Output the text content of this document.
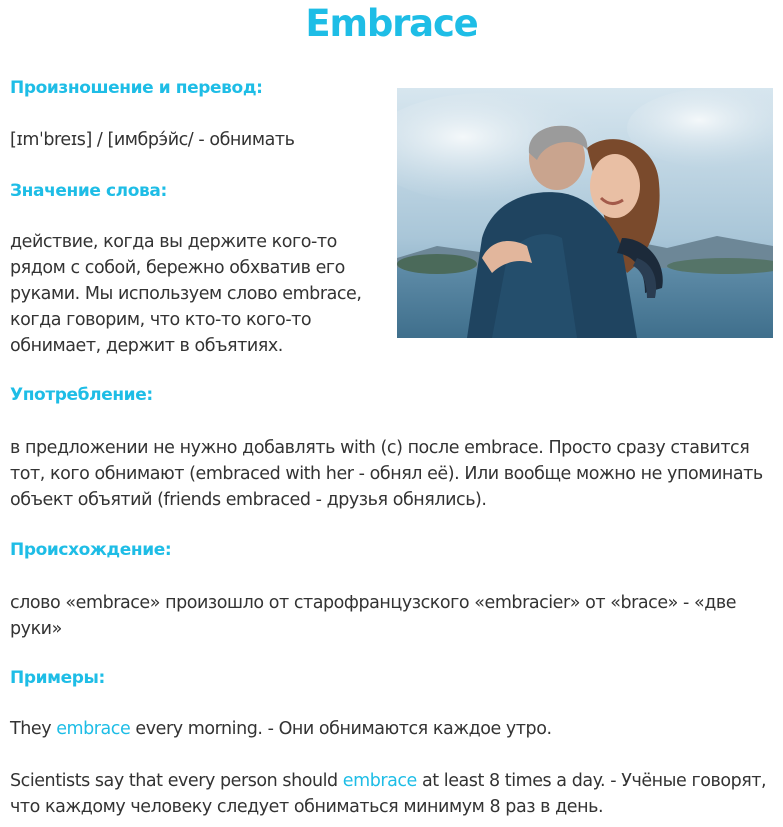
Embrace
Произношение и перевод:
[ɪmˈbreɪs] / [имбрэ́йс/ - обнимать
Значение слова:
действие, когда вы держите кого-то
рядом с собой, бережно обхватив его
руками. Мы используем слово embrace,
когда говорим, что кто-то кого-то
обнимает, держит в объятиях.
Употребление:
в предложении не нужно добавлять with (с) после embrace. Просто сразу ставится тот, кого обнимают (embraced with her - обнял её). Или вообще можно не упоминать объект объятий (friends embraced - друзья обнялись).
Происхождение:
слово «embrace» произошло от старофранцузского «embracier» от «brace» - «две руки»
Примеры:
They embrace every morning. - Они обнимаются каждое утро.
Scientists say that every person should embrace at least 8 times a day. - Учёные говорят, что каждому человеку следует обниматься минимум 8 раз в день.
